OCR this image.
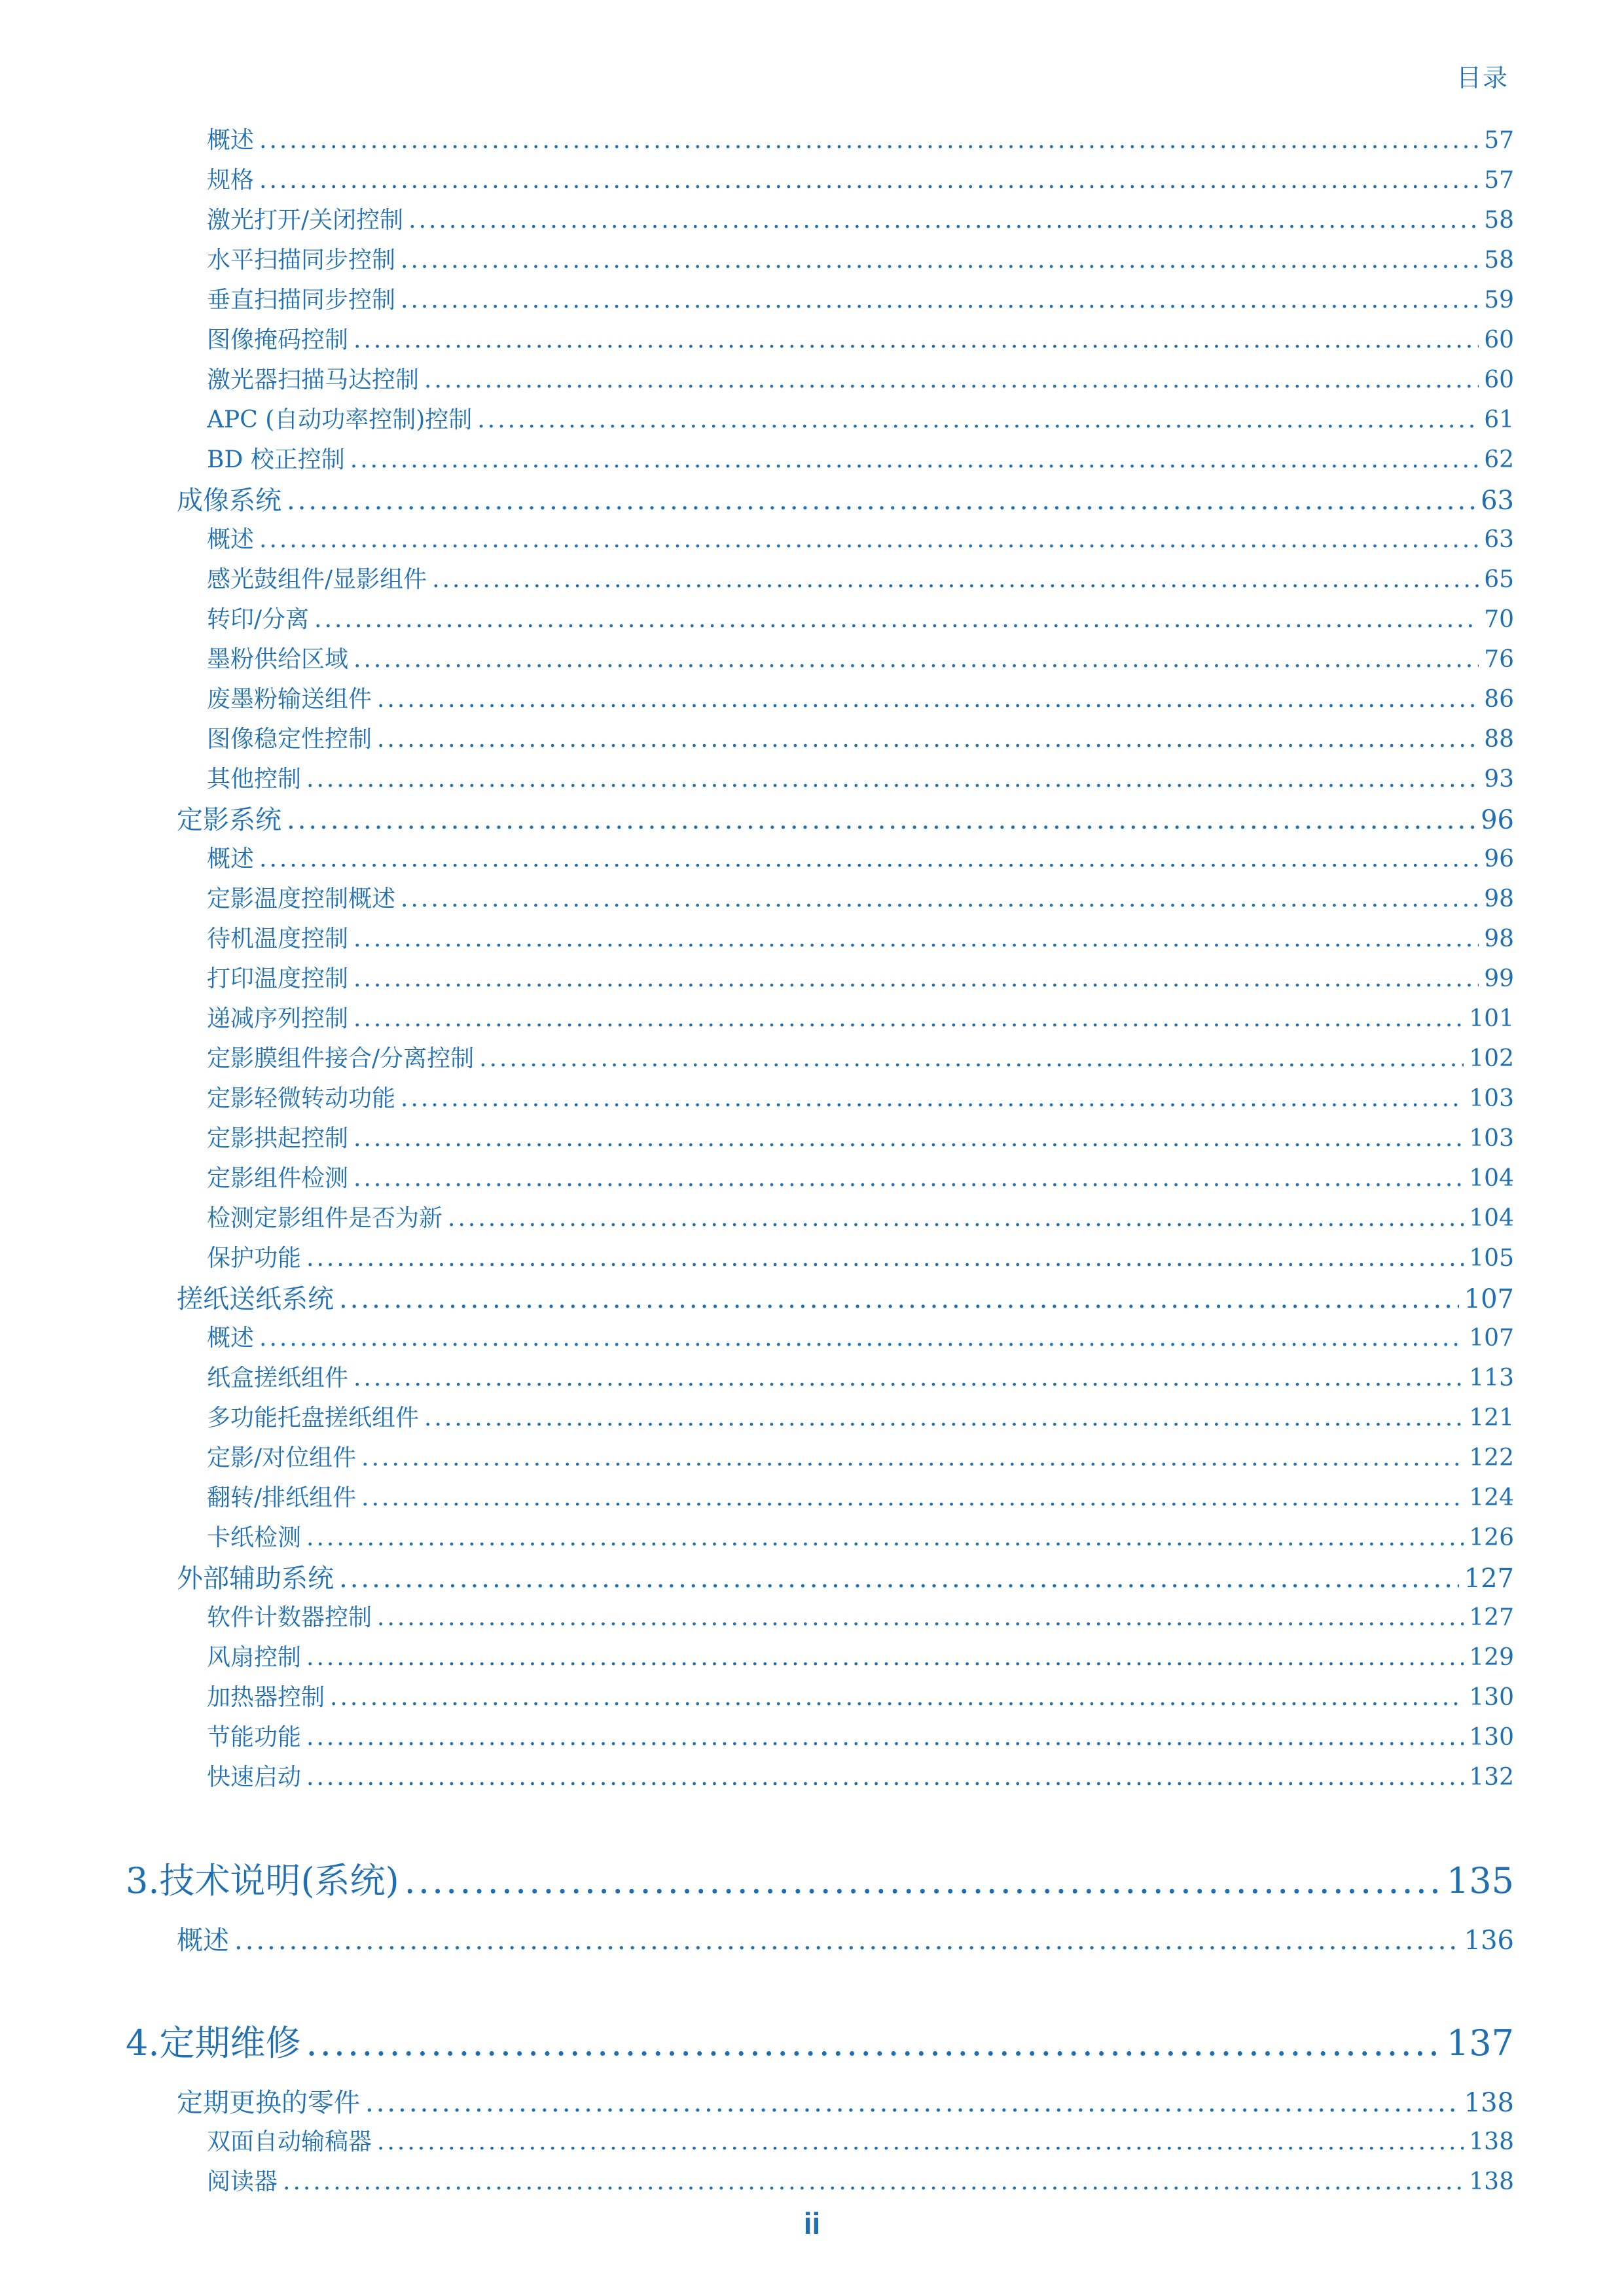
目录
概述 .....	57
规格 .....	57
激光打开/关闭控制 .....	58
水平扫描同步控制 .....	58
垂直扫描同步控制 .....	59
图像掩码控制 .....	60
激光器扫描马达控制 .....	60
APC (自动功率控制)控制 .....	61
BD 校正控制 .....	62
成像系统 .....	63
概述 .....	63
感光鼓组件/显影组件 .....	65
转印/分离 .....	70
墨粉供给区域 .....	76
废墨粉输送组件 .....	86
图像稳定性控制 .....	88
其他控制 .....	93
定影系统 .....	96
概述 .....	96
定影温度控制概述 .....	98
待机温度控制 .....	98
打印温度控制 .....	99
递减序列控制 .....	101
定影膜组件接合/分离控制 .....	102
定影轻微转动功能 .....	103
定影拱起控制 .....	103
定影组件检测 .....	104
检测定影组件是否为新 .....	104
保护功能 .....	105
搓纸送纸系统 .....	107
概述 .....	107
纸盒搓纸组件 .....	113
多功能托盘搓纸组件 .....	121
定影/对位组件 .....	122
翻转/排纸组件 .....	124
卡纸检测 .....	126
外部辅助系统 .....	127
软件计数器控制 .....	127
风扇控制 .....	129
加热器控制 .....	130
节能功能 .....	130
快速启动 .....	132
3. 技术说明(系统) .....	135
概述 .....	136
4. 定期维修 .....	137
定期更换的零件 .....	138
双面自动输稿器 .....	138
阅读器 .....	138
ii
